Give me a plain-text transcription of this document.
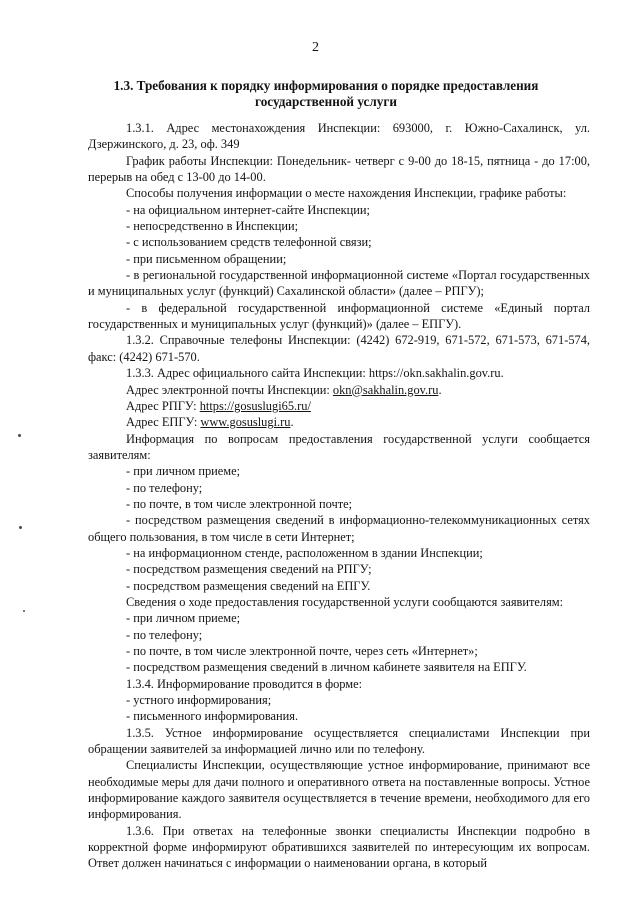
2
1.3. Требования к порядку информирования о порядке предоставления
государственной услуги

1.3.1. Адрес местонахождения Инспекции: 693000, г. Южно-Сахалинск, ул. Дзержинского, д. 23, оф. 349

График работы Инспекции: Понедельник- четверг с 9-00 до 18-15, пятница - до 17:00, перерыв на обед с 13-00 до 14-00.

Способы получения информации о месте нахождения Инспекции, графике работы:

- на официальном интернет-сайте Инспекции;

- непосредственно в Инспекции;

- с использованием средств телефонной связи;

- при письменном обращении;

- в региональной государственной информационной системе «Портал государственных и муниципальных услуг (функций) Сахалинской области» (далее – РПГУ);

- в федеральной государственной информационной системе «Единый портал государственных и муниципальных услуг (функций)» (далее – ЕПГУ).

1.3.2. Справочные телефоны Инспекции: (4242) 672-919, 671-572, 671-573, 671-574, факс: (4242) 671-570.

1.3.3. Адрес официального сайта Инспекции: https://okn.sakhalin.gov.ru.

Адрес электронной почты Инспекции: okn@sakhalin.gov.ru.

Адрес РПГУ: https://gosuslugi65.ru/

Адрес ЕПГУ: www.gosuslugi.ru.

Информация по вопросам предоставления государственной услуги сообщается заявителям:

- при личном приеме;

- по телефону;

- по почте, в том числе электронной почте;

- посредством размещения сведений в информационно-телекоммуникационных сетях общего пользования, в том числе в сети Интернет;

- на информационном стенде, расположенном в здании Инспекции;

- посредством размещения сведений на РПГУ;

- посредством размещения сведений на ЕПГУ.

Сведения о ходе предоставления государственной услуги сообщаются заявителям:

- при личном приеме;

- по телефону;

- по почте, в том числе электронной почте, через сеть «Интернет»;

- посредством размещения сведений в личном кабинете заявителя на ЕПГУ.

1.3.4. Информирование проводится в форме:

- устного информирования;

- письменного информирования.

1.3.5. Устное информирование осуществляется специалистами Инспекции при обращении заявителей за информацией лично или по телефону.

Специалисты Инспекции, осуществляющие устное информирование, принимают все необходимые меры для дачи полного и оперативного ответа на поставленные вопросы. Устное информирование каждого заявителя осуществляется в течение времени, необходимого для его информирования.

1.3.6. При ответах на телефонные звонки специалисты Инспекции подробно в корректной форме информируют обратившихся заявителей по интересующим их вопросам. Ответ должен начинаться с информации о наименовании органа, в который
